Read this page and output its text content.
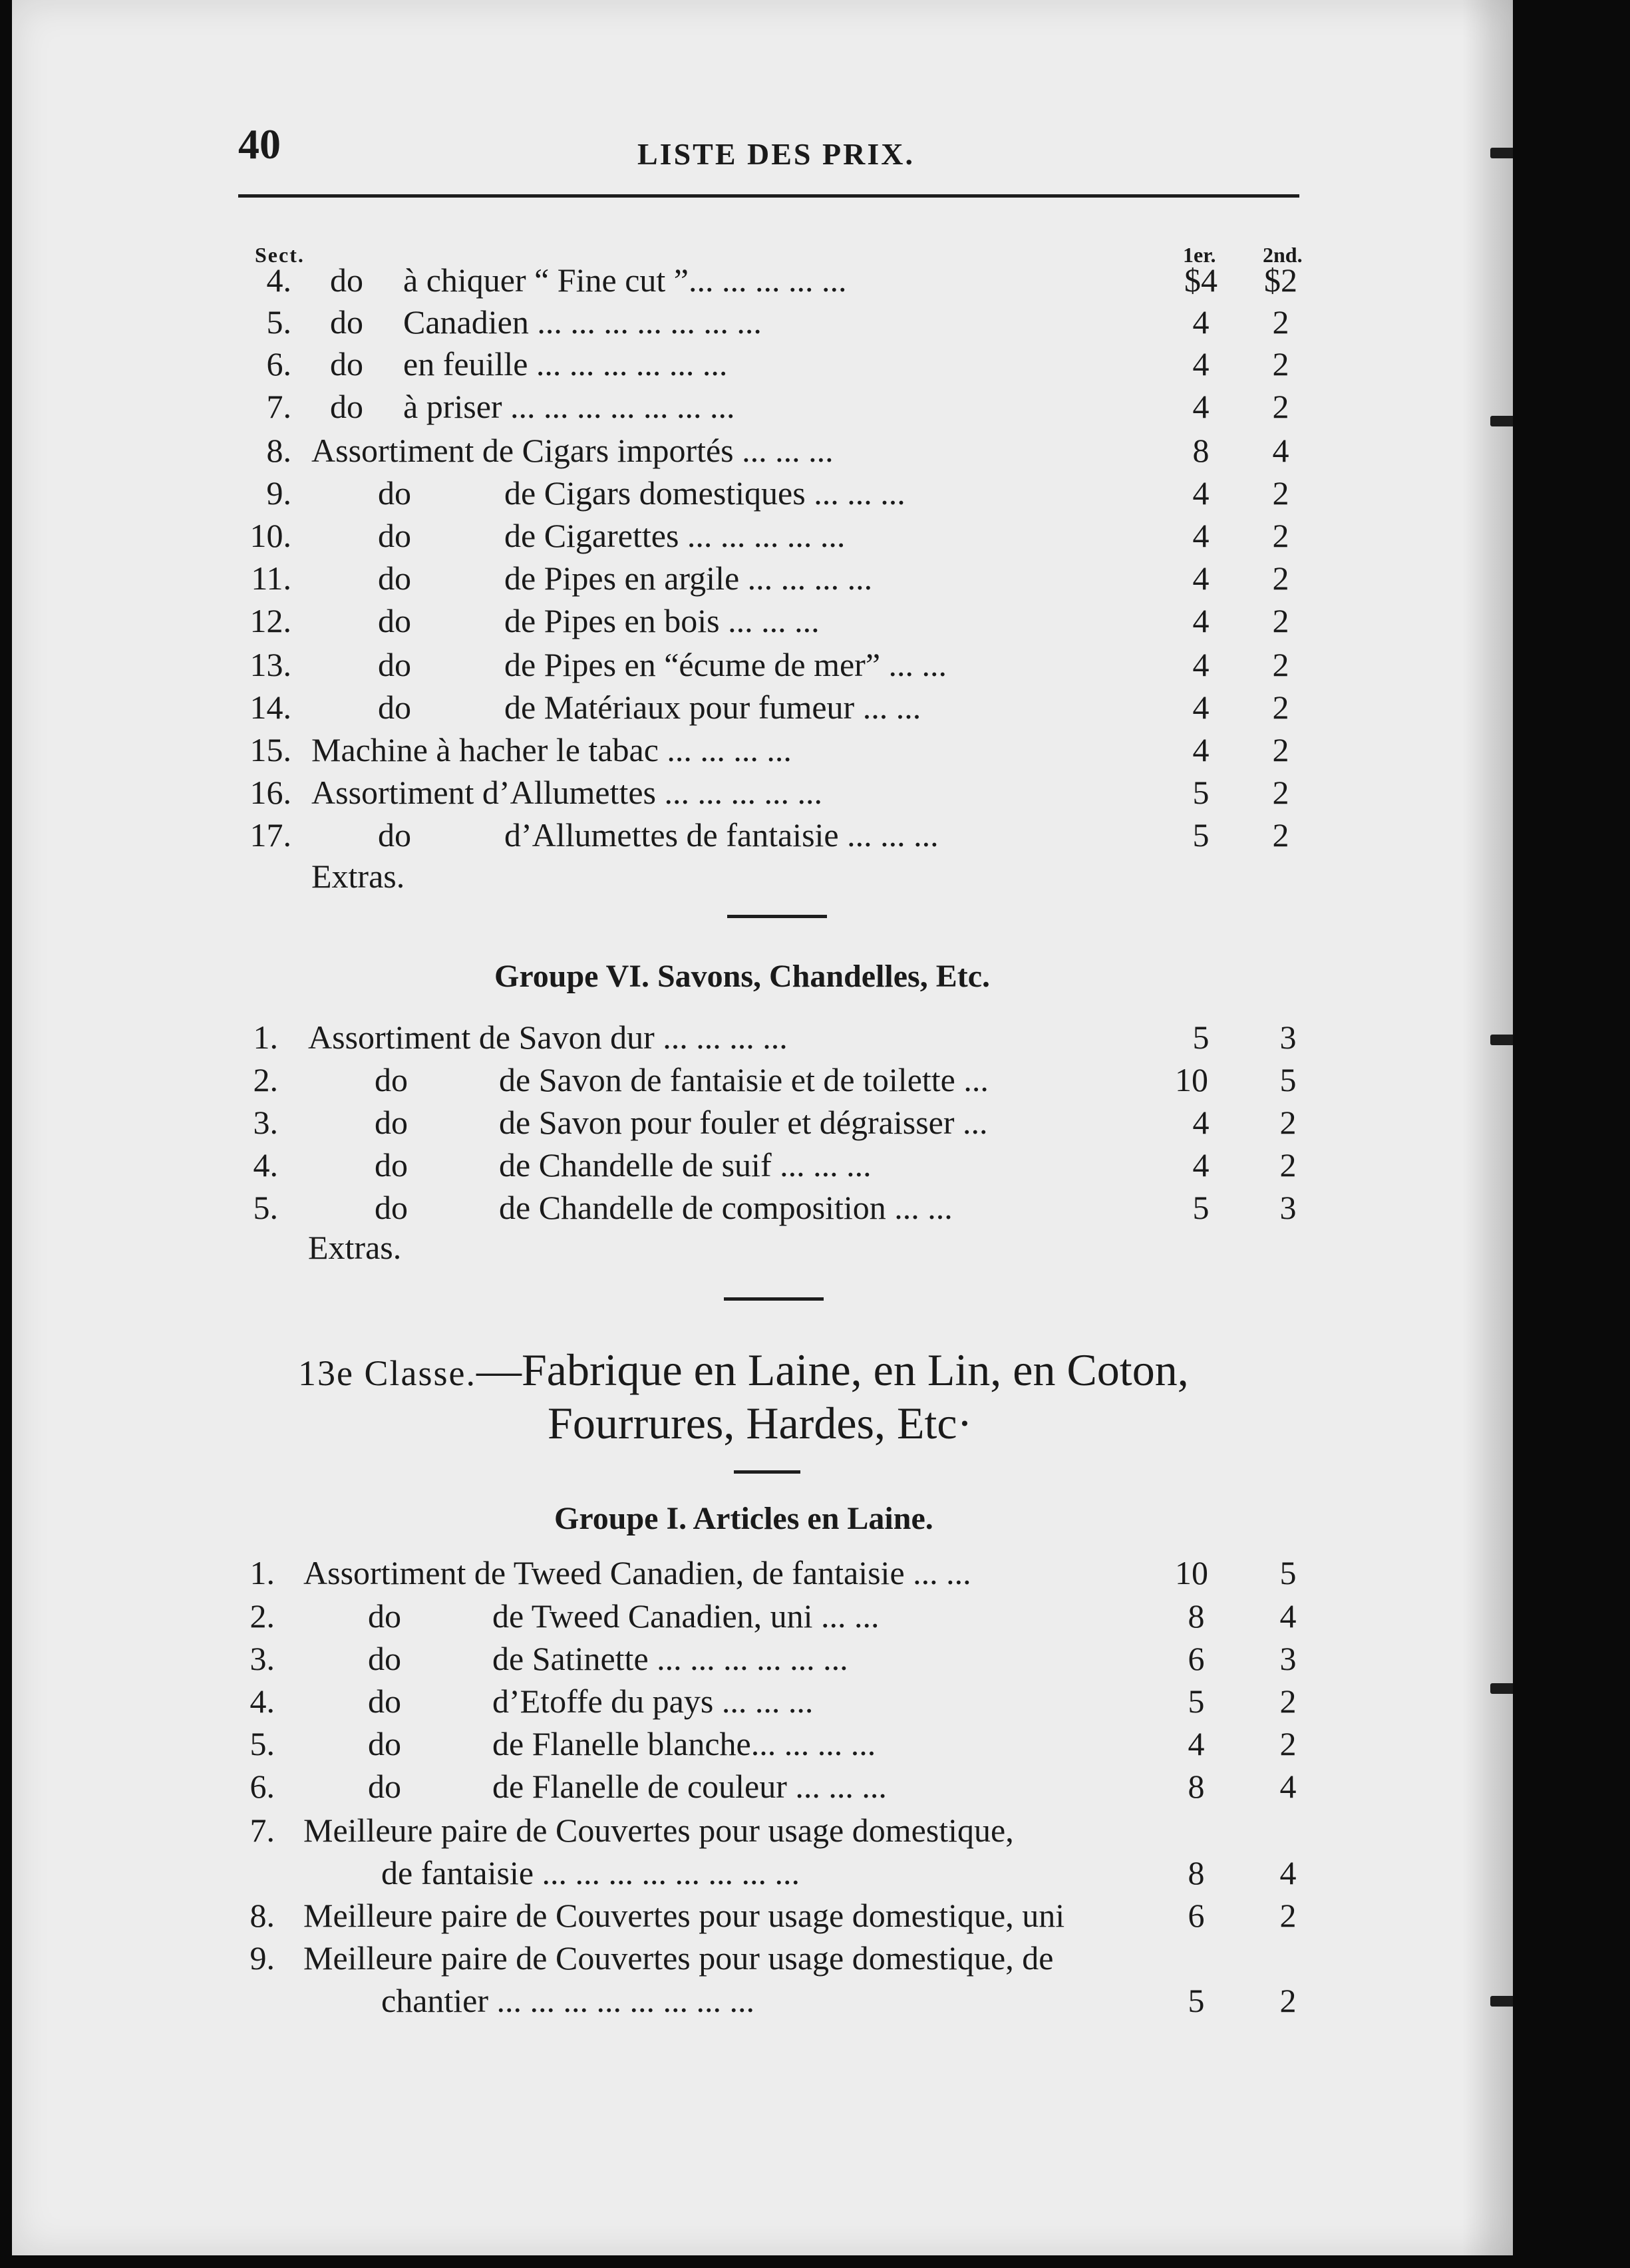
40	LISTE DES PRIX.
Sect.	1er. 2nd.
4. do à chiquer “ Fine cut ”... ... ... ... ...	$4 $2
5. do Canadien ... ... ... ... ... ... ...	4	2
6. do en feuille ... ... ... ... ... ...	4	2
7. do à priser ... ... ... ... ... ... ...	4	2
8. Assortiment de Cigars importés ... ... ...	8	4
9.	do	de Cigars domestiques ... ... ...	4	2
10.	do	de Cigarettes ... ... ... ... ...	4	2
11.	do	de Pipes en argile ... ... ... ...	4	2
12.	do	de Pipes en bois ... ... ...	4	2
13.	do	de Pipes en “écume de mer” ... ...	4	2
14.	do	de Matériaux pour fumeur ... ...	4	2
15. Machine à hacher le tabac ... ... ... ...	4	2
16. Assortiment d’Allumettes ... ... ... ... ...	5	2
17.	do	d’Allumettes de fantaisie ... ... ...	5	2
Extras.
Groupe VI. Savons, Chandelles, Etc.
1. Assortiment de Savon dur ... ... ... ...	5	3
2.	do	de Savon de fantaisie et de toilette ...	10	5
3.	do	de Savon pour fouler et dégraisser ...	4	2
4.	do	de Chandelle de suif ... ... ...	4	2
5.	do	de Chandelle de composition ... ...	5	3
Extras.
13e Classe.—Fabrique en Laine, en Lin, en Coton,
Fourrures, Hardes, Etc·
Groupe I. Articles en Laine.
1. Assortiment de Tweed Canadien, de fantaisie ... ...	10	5
2.	do	de Tweed Canadien, uni ... ...	8	4
3.	do	de Satinette ... ... ... ... ... ...	6	3
4.	do	d’Etoffe du pays ... ... ...	5	2
5.	do	de Flanelle blanche... ... ... ...	4	2
6.	do	de Flanelle de couleur ... ... ...	8	4
7. Meilleure paire de Couvertes pour usage domestique,
de fantaisie ... ... ... ... ... ... ... ...	8	4
8. Meilleure paire de Couvertes pour usage domestique, uni	6	2
9. Meilleure paire de Couvertes pour usage domestique, de
chantier ... ... ... ... ... ... ... ...	5	2
